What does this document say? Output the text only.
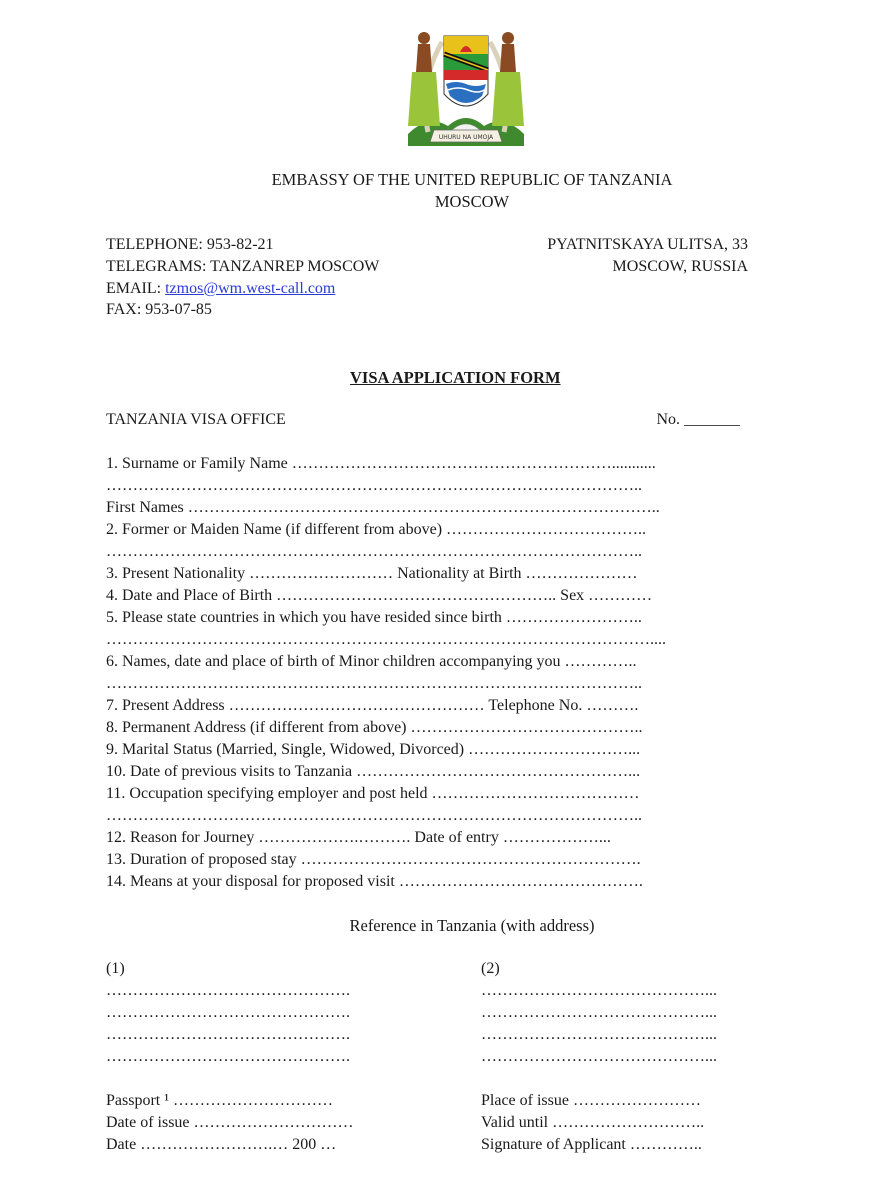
UHURU NA UMOJA
EMBASSY OF THE UNITED REPUBLIC OF TANZANIA
MOSCOW
TELEPHONE: 953-82-21
TELEGRAMS: TANZANREP MOSCOW
EMAIL: tzmos@wm.west-call.com
FAX: 953-07-85
PYATNITSKAYA ULITSA, 33
MOSCOW, RUSSIA
VISA APPLICATION FORM
TANZANIA VISA OFFICE	No. _______
1. Surname or Family Name ……………………………………………………...........
………………………………………………………………………………………..
First Names ……………………………………………………………………………..
2. Former or Maiden Name (if different from above) ………………………………..
………………………………………………………………………………………..
3. Present Nationality ……………………… Nationality at Birth …………………
4. Date and Place of Birth …………………………………………….. Sex …………
5. Please state countries in which you have resided since birth ……………………..
…………………………………………………………………………………………....
6. Names, date and place of birth of Minor children accompanying you …………..
………………………………………………………………………………………..
7. Present Address ………………………………………… Telephone No. ……….
8. Permanent Address (if different from above) ……………………………………..
9. Marital Status (Married, Single, Widowed, Divorced) …………………………...
10. Date of previous visits to Tanzania ……………………………………………...
11. Occupation specifying employer and post held …………………………………
………………………………………………………………………………………..
12. Reason for Journey ……………….………. Date of entry ………………...
13. Duration of proposed stay ……………………………………………………….
14. Means at your disposal for proposed visit ……………………………………….
Reference in Tanzania (with address)
(1)	(2)
……………………………………….
……………………………………….
……………………………………….
……………………………………….
……………………………………...
……………………………………...
……………………………………...
……………………………………...
Passport ¹ …………………………
Date of issue …………………………
Date …………………….… 200 …
Place of issue ……………………
Valid until ………………………..
Signature of Applicant …………..
